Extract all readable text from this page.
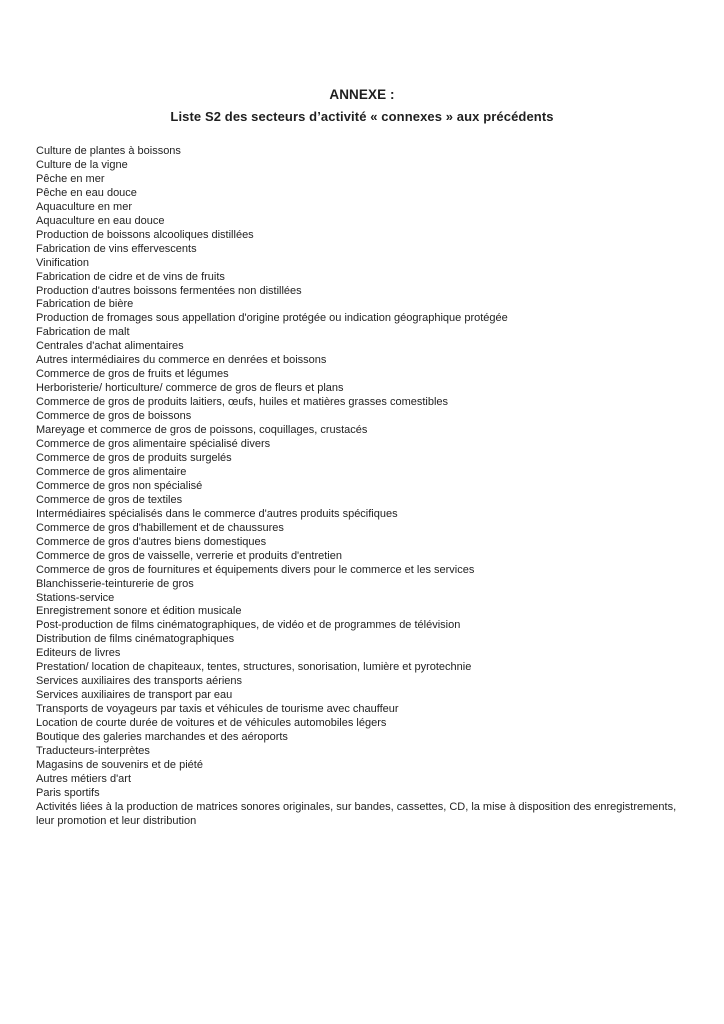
ANNEXE :
Liste S2 des secteurs d’activité « connexes » aux précédents
Culture de plantes à boissons
Culture de la vigne
Pêche en mer
Pêche en eau douce
Aquaculture en mer
Aquaculture en eau douce
Production de boissons alcooliques distillées
Fabrication de vins effervescents
Vinification
Fabrication de cidre et de vins de fruits
Production d'autres boissons fermentées non distillées
Fabrication de bière
Production de fromages sous appellation d'origine protégée ou indication géographique protégée
Fabrication de malt
Centrales d'achat alimentaires
Autres intermédiaires du commerce en denrées et boissons
Commerce de gros de fruits et légumes
Herboristerie/ horticulture/ commerce de gros de fleurs et plans
Commerce de gros de produits laitiers, œufs, huiles et matières grasses comestibles
Commerce de gros de boissons
Mareyage et commerce de gros de poissons, coquillages, crustacés
Commerce de gros alimentaire spécialisé divers
Commerce de gros de produits surgelés
Commerce de gros alimentaire
Commerce de gros non spécialisé
Commerce de gros de textiles
Intermédiaires spécialisés dans le commerce d'autres produits spécifiques
Commerce de gros d'habillement et de chaussures
Commerce de gros d'autres biens domestiques
Commerce de gros de vaisselle, verrerie et produits d'entretien
Commerce de gros de fournitures et équipements divers pour le commerce et les services
Blanchisserie-teinturerie de gros
Stations-service
Enregistrement sonore et édition musicale
Post-production de films cinématographiques, de vidéo et de programmes de télévision
Distribution de films cinématographiques
Editeurs de livres
Prestation/ location de chapiteaux, tentes, structures, sonorisation, lumière et pyrotechnie
Services auxiliaires des transports aériens
Services auxiliaires de transport par eau
Transports de voyageurs par taxis et véhicules de tourisme avec chauffeur
Location de courte durée de voitures et de véhicules automobiles légers
Boutique des galeries marchandes et des aéroports
Traducteurs-interprètes
Magasins de souvenirs et de piété
Autres métiers d'art
Paris sportifs
Activités liées à la production de matrices sonores originales, sur bandes, cassettes, CD, la mise à disposition des enregistrements, leur promotion et leur distribution
